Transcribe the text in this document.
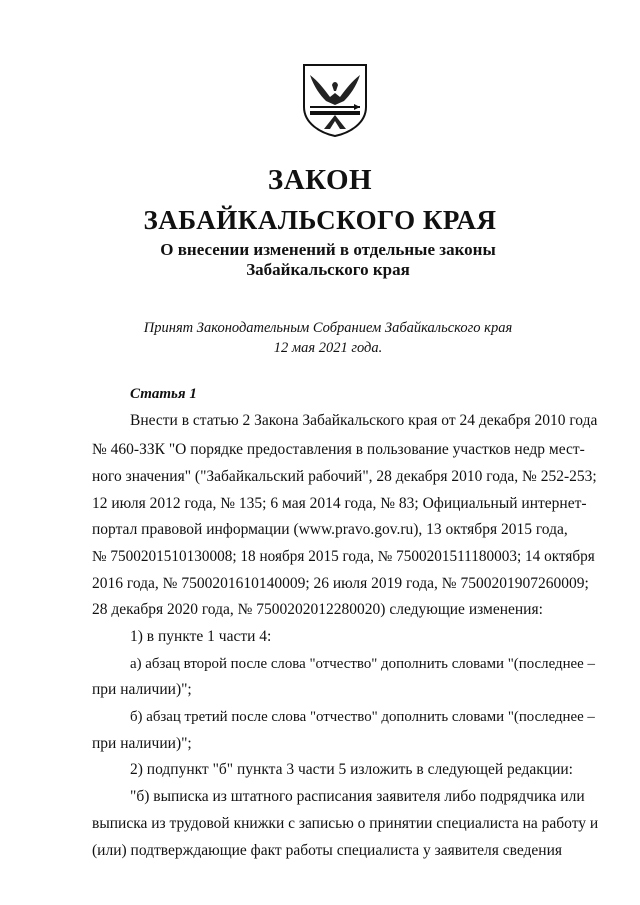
ЗАКОН
ЗАБАЙКАЛЬСКОГО КРАЯ
О внесении изменений в отдельные законы
Забайкальского края
Принят Законодательным Собранием Забайкальского края
12 мая 2021 года.
Статья 1
Внести в статью 2 Закона Забайкальского края от 24 декабря 2010 года
№ 460-ЗЗК "О порядке предоставления в пользование участков недр мест-
ного значения" ("Забайкальский рабочий", 28 декабря 2010 года, № 252-253;
12 июля 2012 года, № 135; 6 мая 2014 года, № 83; Официальный интернет-
портал правовой информации (www.pravo.gov.ru), 13 октября 2015 года,
№ 7500201510130008; 18 ноября 2015 года, № 7500201511180003; 14 октября
2016 года, № 7500201610140009; 26 июля 2019 года, № 7500201907260009;
28 декабря 2020 года, № 7500202012280020) следующие изменения:
1) в пункте 1 части 4:
а) абзац второй после слова "отчество" дополнить словами "(последнее –
при наличии)";
б) абзац третий после слова "отчество" дополнить словами "(последнее –
при наличии)";
2) подпункт "б" пункта 3 части 5 изложить в следующей редакции:
"б) выписка из штатного расписания заявителя либо подрядчика или
выписка из трудовой книжки с записью о принятии специалиста на работу и
(или) подтверждающие факт работы специалиста у заявителя сведения
